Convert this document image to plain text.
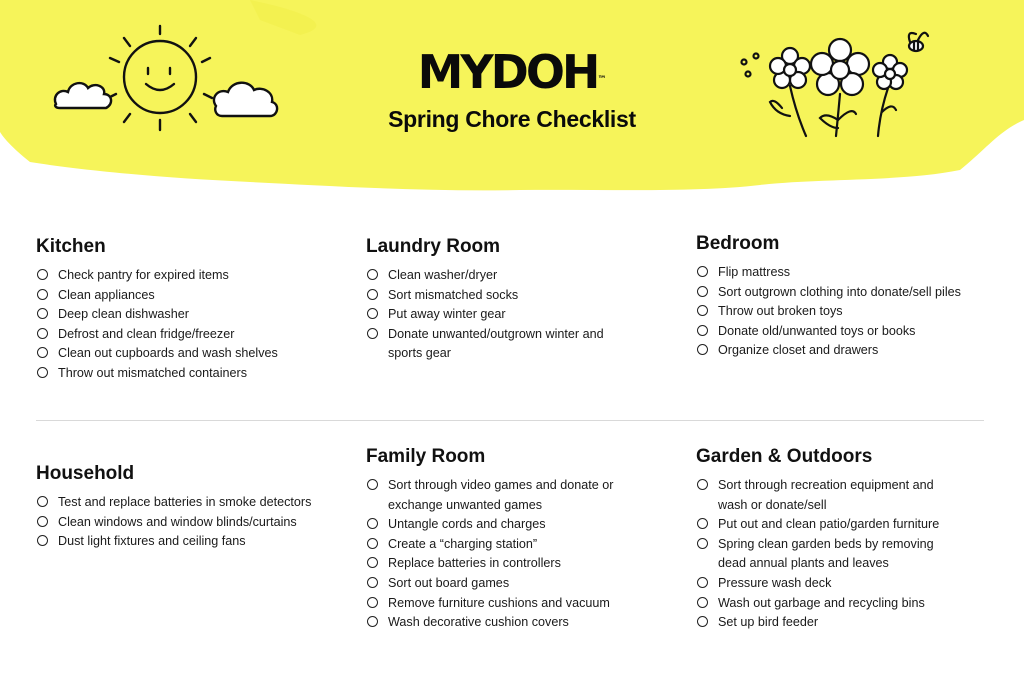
MYDOH™
Spring Chore Checklist
Kitchen
Check pantry for expired items
Clean appliances
Deep clean dishwasher
Defrost and clean fridge/freezer
Clean out cupboards and wash shelves
Throw out mismatched containers
Laundry Room
Clean washer/dryer
Sort mismatched socks
Put away winter gear
Donate unwanted/outgrown winter and sports gear
Bedroom
Flip mattress
Sort outgrown clothing into donate/sell piles
Throw out broken toys
Donate old/unwanted toys or books
Organize closet and drawers
Household
Test and replace batteries in smoke detectors
Clean windows and window blinds/curtains
Dust light fixtures and ceiling fans
Family Room
Sort through video games and donate or exchange unwanted games
Untangle cords and charges
Create a “charging station”
Replace batteries in controllers
Sort out board games
Remove furniture cushions and vacuum
Wash decorative cushion covers
Garden & Outdoors
Sort through recreation equipment and wash or donate/sell
Put out and clean patio/garden furniture
Spring clean garden beds by removing dead annual plants and leaves
Pressure wash deck
Wash out garbage and recycling bins
Set up bird feeder
